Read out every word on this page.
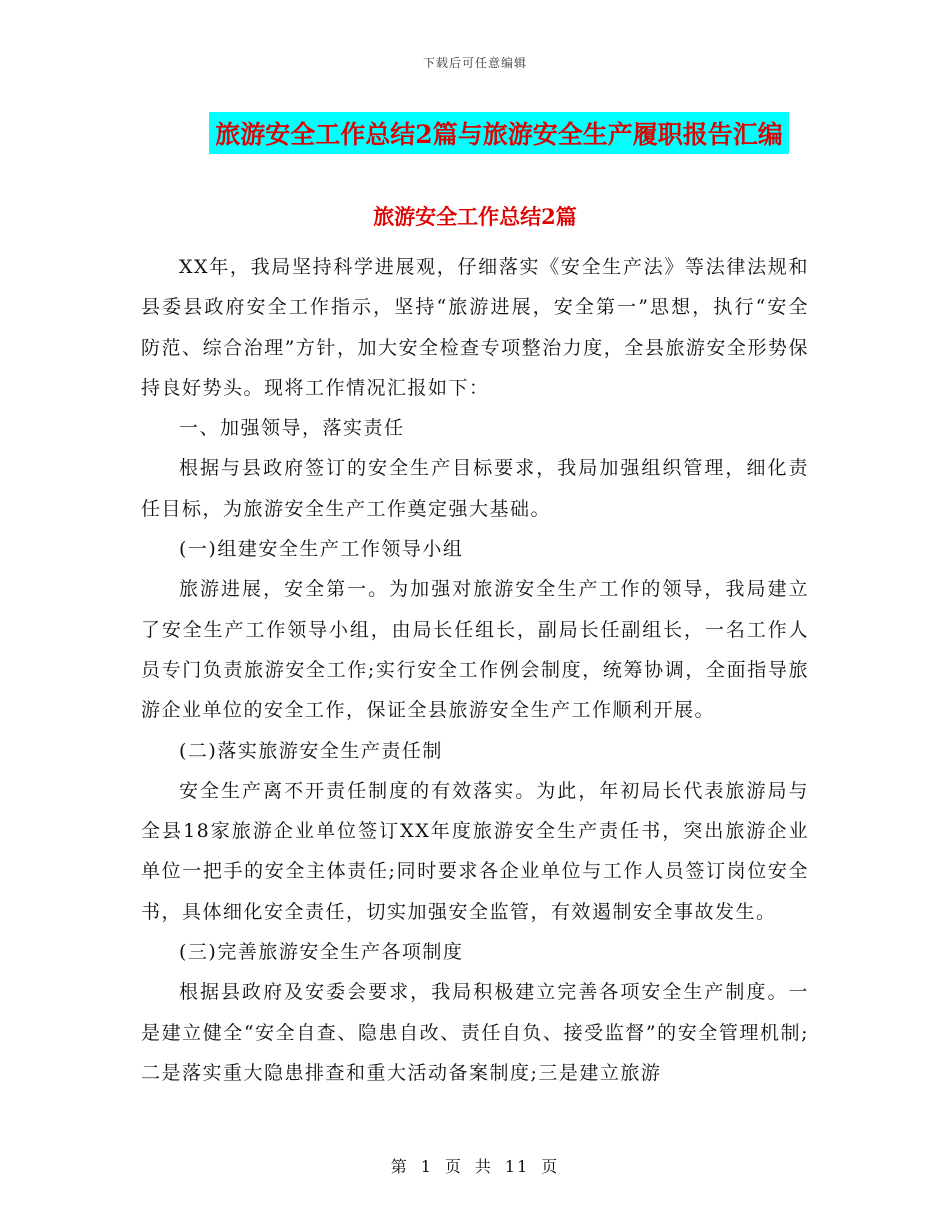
下载后可任意编辑
旅游安全工作总结2篇与旅游安全生产履职报告汇编
旅游安全工作总结2篇

XX年，我局坚持科学进展观，仔细落实《安全生产法》等法律法规和县委县政府安全工作指示，坚持“旅游进展，安全第一”思想，执行“安全防范、综合治理”方针，加大安全检查专项整治力度，全县旅游安全形势保持良好势头。现将工作情况汇报如下：

一、加强领导，落实责任

根据与县政府签订的安全生产目标要求，我局加强组织管理，细化责任目标，为旅游安全生产工作奠定强大基础。

(一)组建安全生产工作领导小组

旅游进展，安全第一。为加强对旅游安全生产工作的领导，我局建立了安全生产工作领导小组，由局长任组长，副局长任副组长，一名工作人员专门负责旅游安全工作;实行安全工作例会制度，统筹协调，全面指导旅游企业单位的安全工作，保证全县旅游安全生产工作顺利开展。

(二)落实旅游安全生产责任制

安全生产离不开责任制度的有效落实。为此，年初局长代表旅游局与全县18家旅游企业单位签订XX年度旅游安全生产责任书，突出旅游企业单位一把手的安全主体责任;同时要求各企业单位与工作人员签订岗位安全书，具体细化安全责任，切实加强安全监管，有效遏制安全事故发生。

(三)完善旅游安全生产各项制度

根据县政府及安委会要求，我局积极建立完善各项安全生产制度。一是建立健全“安全自查、隐患自改、责任自负、接受监督”的安全管理机制;二是落实重大隐患排查和重大活动备案制度;三是建立旅游

第 1 页 共 11 页
